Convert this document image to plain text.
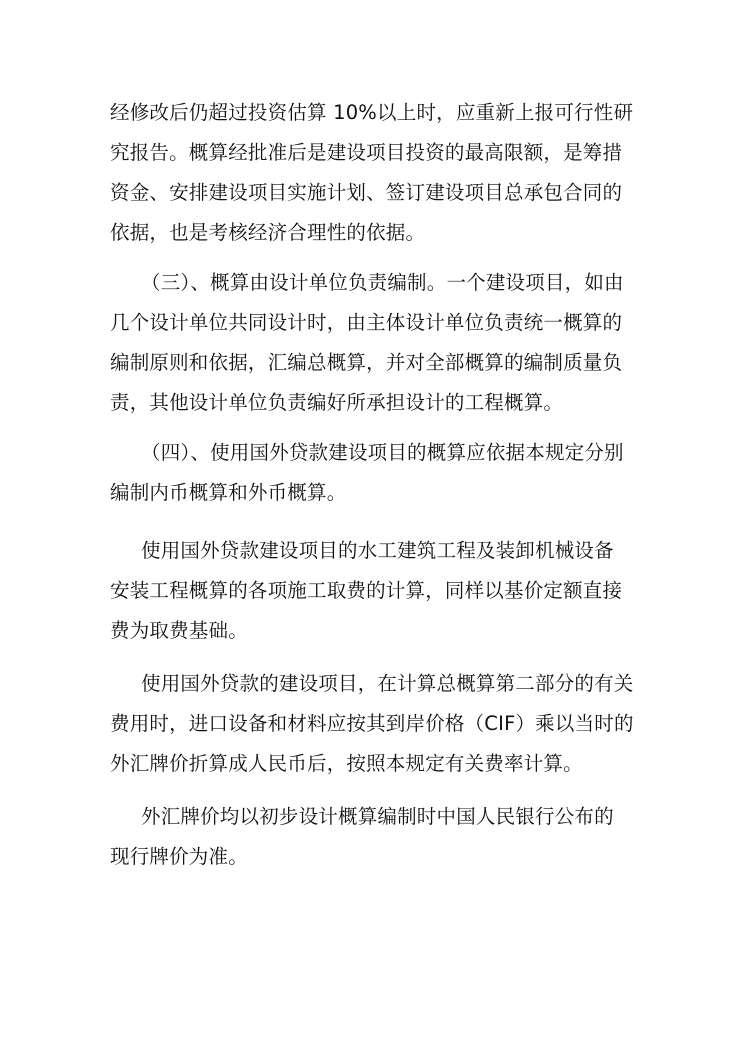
经修改后仍超过投资估算 10%以上时，应重新上报可行性研
究报告。概算经批准后是建设项目投资的最高限额，是筹措
资金、安排建设项目实施计划、签订建设项目总承包合同的
依据，也是考核经济合理性的依据。
（三）、概算由设计单位负责编制。一个建设项目，如由
几个设计单位共同设计时，由主体设计单位负责统一概算的
编制原则和依据，汇编总概算，并对全部概算的编制质量负
责，其他设计单位负责编好所承担设计的工程概算。
（四）、使用国外贷款建设项目的概算应依据本规定分别
编制内币概算和外币概算。
使用国外贷款建设项目的水工建筑工程及装卸机械设备
安装工程概算的各项施工取费的计算，同样以基价定额直接
费为取费基础。
使用国外贷款的建设项目，在计算总概算第二部分的有关
费用时，进口设备和材料应按其到岸价格（CIF）乘以当时的
外汇牌价折算成人民币后，按照本规定有关费率计算。
外汇牌价均以初步设计概算编制时中国人民银行公布的
现行牌价为准。
